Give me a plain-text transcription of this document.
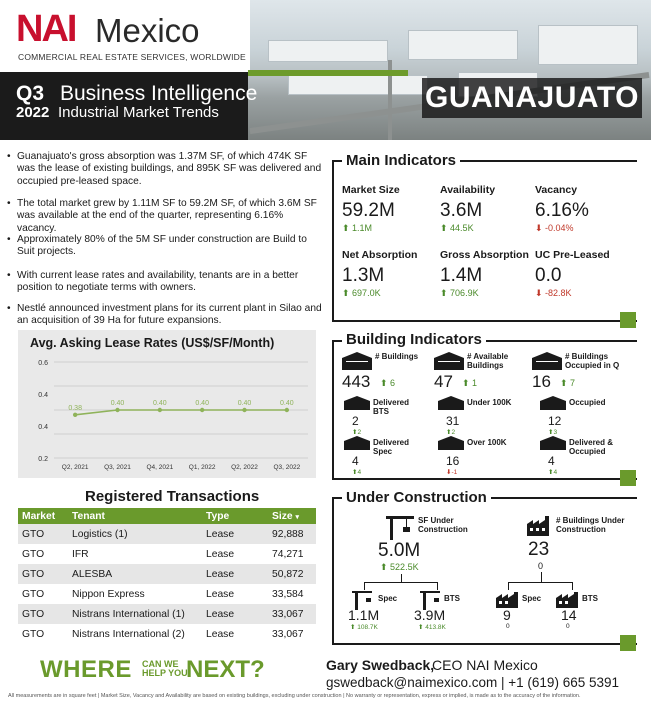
NAI Mexico
COMMERCIAL REAL ESTATE SERVICES, WORLDWIDE
Q3 Business Intelligence
2022 Industrial Market Trends	GUANAJUATO
• Guanajuato's gross absorption was 1.37M SF, of which 474K SF was the lease of existing buildings, and 895K SF was delivered and occupied pre-leased space.
• The total market grew by 1.11M SF to 59.2M SF, of which 3.6M SF was available at the end of the quarter, representing 6.16% vacancy.
• Approximately 80% of the 5M SF under construction are Build to Suit projects.
• With current lease rates and availability, tenants are in a better position to negotiate terms with owners.
• Nestlé announced investment plans for its current plant in Silao and an acquisition of 39 Ha for future expansions.
Avg. Asking Lease Rates (US$/SF/Month)
0.2
0.4
0.4
0.6
0.38
Q2, 2021
0.40
Q3, 2021
0.40
Q4, 2021
0.40
Q1, 2022
0.40
Q2, 2022
0.40
Q3, 2022
Registered Transactions
Market	Tenant	Type	Size ▾
GTO	Logistics (1)	Lease	92,888
GTO	IFR	Lease	74,271
GTO	ALESBA	Lease	50,872
GTO	Nippon Express	Lease	33,584
GTO	Nistrans International (1)	Lease	33,067
GTO	Nistrans International (2)	Lease	33,067
Main Indicators
Market Size
59.2M
⬆ 1.1M
Availability
3.6M
⬆ 44.5K
Vacancy
6.16%
⬇ -0.04%
Net Absorption
1.3M
⬆ 697.0K
Gross Absorption
1.4M
⬆ 706.9K
UC Pre-Leased
0.0
⬇ -82.8K
Building Indicators
# Buildings
443 ⬆ 6
# Available Buildings
47 ⬆ 1
# Buildings Occupied in Q
16 ⬆ 7
Delivered BTS
2
⬆2
Under 100K
31
⬆2
Occupied
12
⬆3
Delivered Spec
4
⬆4
Over 100K
16
⬇-1
Delivered & Occupied
4
⬆4
Under Construction
SF Under Construction
5.0M
⬆ 522.5K
# Buildings Under Construction
23
0
Spec
1.1M
⬆ 108.7K
BTS
3.9M
⬆ 413.8K
Spec
9
0
BTS
14
0
WHERE CAN WE
HELP YOU
NEXT?	Gary Swedback,
CEO NAI Mexico
gswedback@naimexico.com | +1 (619) 665 5391
All measurements are in square feet | Market Size, Vacancy and Availability are based on existing buildings, excluding under construction | No warranty or representation, express or implied, is made as to the accuracy of the information.
